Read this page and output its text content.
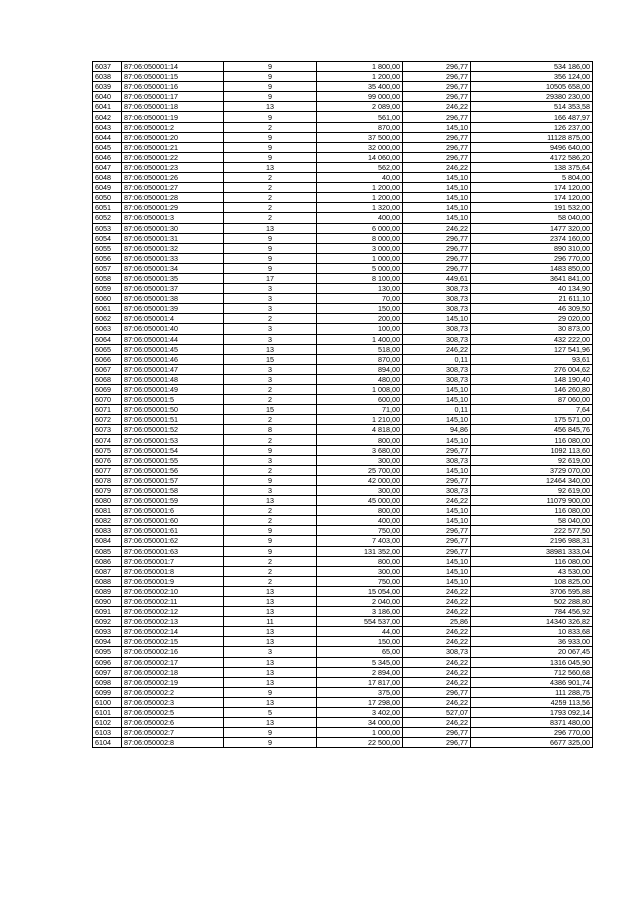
6037	87:06:050001:14	9	1 800,00	296,77	534 186,00
6038	87:06:050001:15	9	1 200,00	296,77	356 124,00
6039	87:06:050001:16	9	35 400,00	296,77	10505 658,00
6040	87:06:050001:17	9	99 000,00	296,77	29380 230,00
6041	87:06:050001:18	13	2 089,00	246,22	514 353,58
6042	87:06:050001:19	9	561,00	296,77	166 487,97
6043	87:06:050001:2	2	870,00	145,10	126 237,00
6044	87:06:050001:20	9	37 500,00	296,77	11128 875,00
6045	87:06:050001:21	9	32 000,00	296,77	9496 640,00
6046	87:06:050001:22	9	14 060,00	296,77	4172 586,20
6047	87:06:050001:23	13	562,00	246,22	138 375,64
6048	87:06:050001:26	2	40,00	145,10	5 804,00
6049	87:06:050001:27	2	1 200,00	145,10	174 120,00
6050	87:06:050001:28	2	1 200,00	145,10	174 120,00
6051	87:06:050001:29	2	1 320,00	145,10	191 532,00
6052	87:06:050001:3	2	400,00	145,10	58 040,00
6053	87:06:050001:30	13	6 000,00	246,22	1477 320,00
6054	87:06:050001:31	9	8 000,00	296,77	2374 160,00
6055	87:06:050001:32	9	3 000,00	296,77	890 310,00
6056	87:06:050001:33	9	1 000,00	296,77	296 770,00
6057	87:06:050001:34	9	5 000,00	296,77	1483 850,00
6058	87:06:050001:35	17	8 100,00	449,61	3641 841,00
6059	87:06:050001:37	3	130,00	308,73	40 134,90
6060	87:06:050001:38	3	70,00	308,73	21 611,10
6061	87:06:050001:39	3	150,00	308,73	46 309,50
6062	87:06:050001:4	2	200,00	145,10	29 020,00
6063	87:06:050001:40	3	100,00	308,73	30 873,00
6064	87:06:050001:44	3	1 400,00	308,73	432 222,00
6065	87:06:050001:45	13	518,00	246,22	127 541,96
6066	87:06:050001:46	15	870,00	0,11	93,61
6067	87:06:050001:47	3	894,00	308,73	276 004,62
6068	87:06:050001:48	3	480,00	308,73	148 190,40
6069	87:06:050001:49	2	1 008,00	145,10	146 260,80
6070	87:06:050001:5	2	600,00	145,10	87 060,00
6071	87:06:050001:50	15	71,00	0,11	7,64
6072	87:06:050001:51	2	1 210,00	145,10	175 571,00
6073	87:06:050001:52	8	4 818,00	94,86	456 845,76
6074	87:06:050001:53	2	800,00	145,10	116 080,00
6075	87:06:050001:54	9	3 680,00	296,77	1092 113,60
6076	87:06:050001:55	3	300,00	308,73	92 619,00
6077	87:06:050001:56	2	25 700,00	145,10	3729 070,00
6078	87:06:050001:57	9	42 000,00	296,77	12464 340,00
6079	87:06:050001:58	3	300,00	308,73	92 619,00
6080	87:06:050001:59	13	45 000,00	246,22	11079 900,00
6081	87:06:050001:6	2	800,00	145,10	116 080,00
6082	87:06:050001:60	2	400,00	145,10	58 040,00
6083	87:06:050001:61	9	750,00	296,77	222 577,50
6084	87:06:050001:62	9	7 403,00	296,77	2196 988,31
6085	87:06:050001:63	9	131 352,00	296,77	38981 333,04
6086	87:06:050001:7	2	800,00	145,10	116 080,00
6087	87:06:050001:8	2	300,00	145,10	43 530,00
6088	87:06:050001:9	2	750,00	145,10	108 825,00
6089	87:06:050002:10	13	15 054,00	246,22	3706 595,88
6090	87:06:050002:11	13	2 040,00	246,22	502 288,80
6091	87:06:050002:12	13	3 186,00	246,22	784 456,92
6092	87:06:050002:13	11	554 537,00	25,86	14340 326,82
6093	87:06:050002:14	13	44,00	246,22	10 833,68
6094	87:06:050002:15	13	150,00	246,22	36 933,00
6095	87:06:050002:16	3	65,00	308,73	20 067,45
6096	87:06:050002:17	13	5 345,00	246,22	1316 045,90
6097	87:06:050002:18	13	2 894,00	246,22	712 560,68
6098	87:06:050002:19	13	17 817,00	246,22	4386 901,74
6099	87:06:050002:2	9	375,00	296,77	111 288,75
6100	87:06:050002:3	13	17 298,00	246,22	4259 113,56
6101	87:06:050002:5	5	3 402,00	527,07	1793 092,14
6102	87:06:050002:6	13	34 000,00	246,22	8371 480,00
6103	87:06:050002:7	9	1 000,00	296,77	296 770,00
6104	87:06:050002:8	9	22 500,00	296,77	6677 325,00
